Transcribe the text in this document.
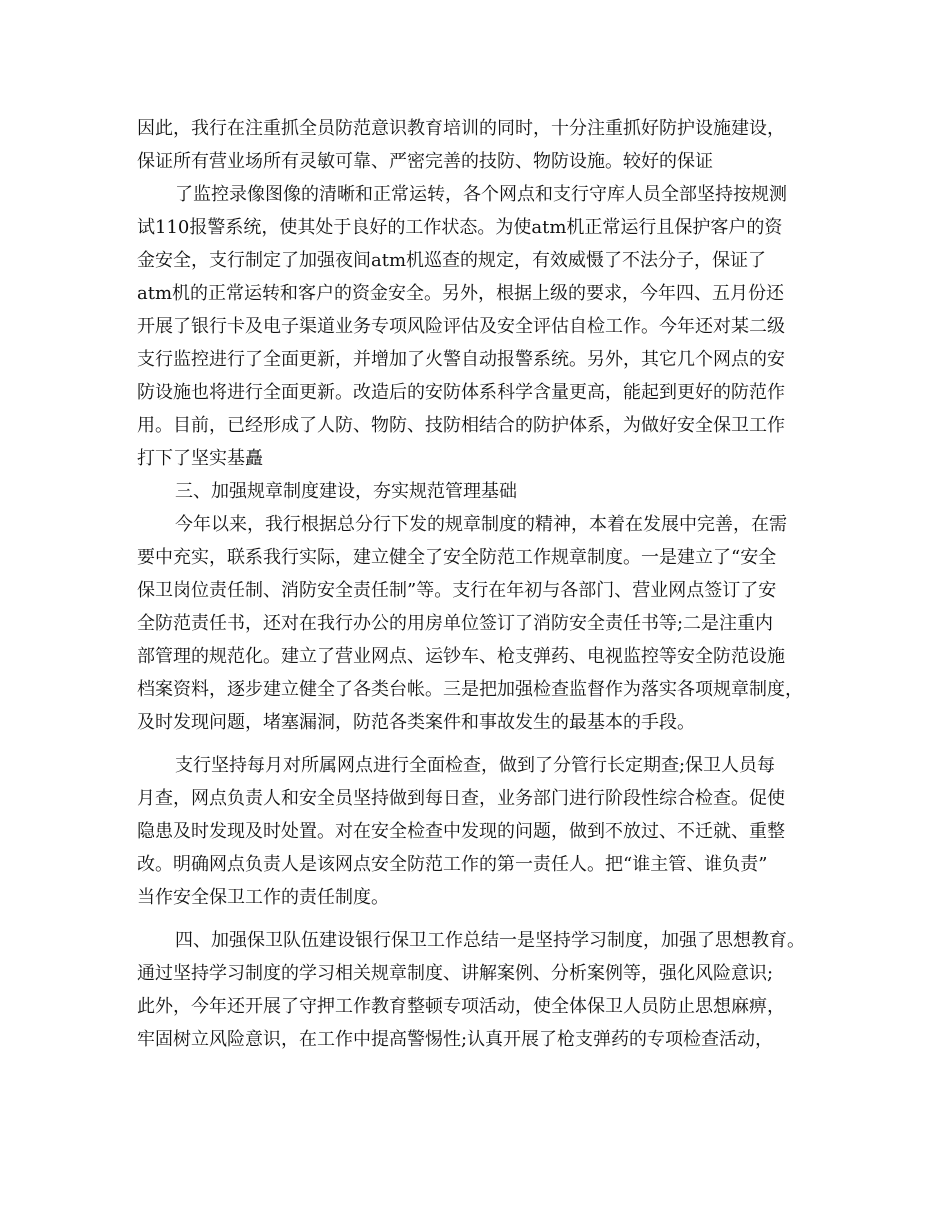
因此，我行在注重抓全员防范意识教育培训的同时，十分注重抓好防护设施建设，
保证所有营业场所有灵敏可靠、严密完善的技防、物防设施。较好的保证
了监控录像图像的清晰和正常运转，各个网点和支行守库人员全部坚持按规测
试110报警系统，使其处于良好的工作状态。为使atm机正常运行且保护客户的资
金安全，支行制定了加强夜间atm机巡查的规定，有效威慑了不法分子，保证了
atm机的正常运转和客户的资金安全。另外，根据上级的要求，今年四、五月份还
开展了银行卡及电子渠道业务专项风险评估及安全评估自检工作。今年还对某二级
支行监控进行了全面更新，并增加了火警自动报警系统。另外，其它几个网点的安
防设施也将进行全面更新。改造后的安防体系科学含量更高，能起到更好的防范作
用。目前，已经形成了人防、物防、技防相结合的防护体系，为做好安全保卫工作
打下了坚实基矗
三、加强规章制度建设，夯实规范管理基础
今年以来，我行根据总分行下发的规章制度的精神，本着在发展中完善，在需
要中充实，联系我行实际，建立健全了安全防范工作规章制度。一是建立了“安全
保卫岗位责任制、消防安全责任制”等。支行在年初与各部门、营业网点签订了安
全防范责任书，还对在我行办公的用房单位签订了消防安全责任书等;二是注重内
部管理的规范化。建立了营业网点、运钞车、枪支弹药、电视监控等安全防范设施
档案资料，逐步建立健全了各类台帐。三是把加强检查监督作为落实各项规章制度，
及时发现问题，堵塞漏洞，防范各类案件和事故发生的最基本的手段。
支行坚持每月对所属网点进行全面检查，做到了分管行长定期查;保卫人员每
月查，网点负责人和安全员坚持做到每日查，业务部门进行阶段性综合检查。促使
隐患及时发现及时处置。对在安全检查中发现的问题，做到不放过、不迁就、重整
改。明确网点负责人是该网点安全防范工作的第一责任人。把“谁主管、谁负责”
当作安全保卫工作的责任制度。
四、加强保卫队伍建设银行保卫工作总结一是坚持学习制度，加强了思想教育。
通过坚持学习制度的学习相关规章制度、讲解案例、分析案例等，强化风险意识;
此外，今年还开展了守押工作教育整顿专项活动，使全体保卫人员防止思想麻痹，
牢固树立风险意识，在工作中提高警惕性;认真开展了枪支弹药的专项检查活动，
